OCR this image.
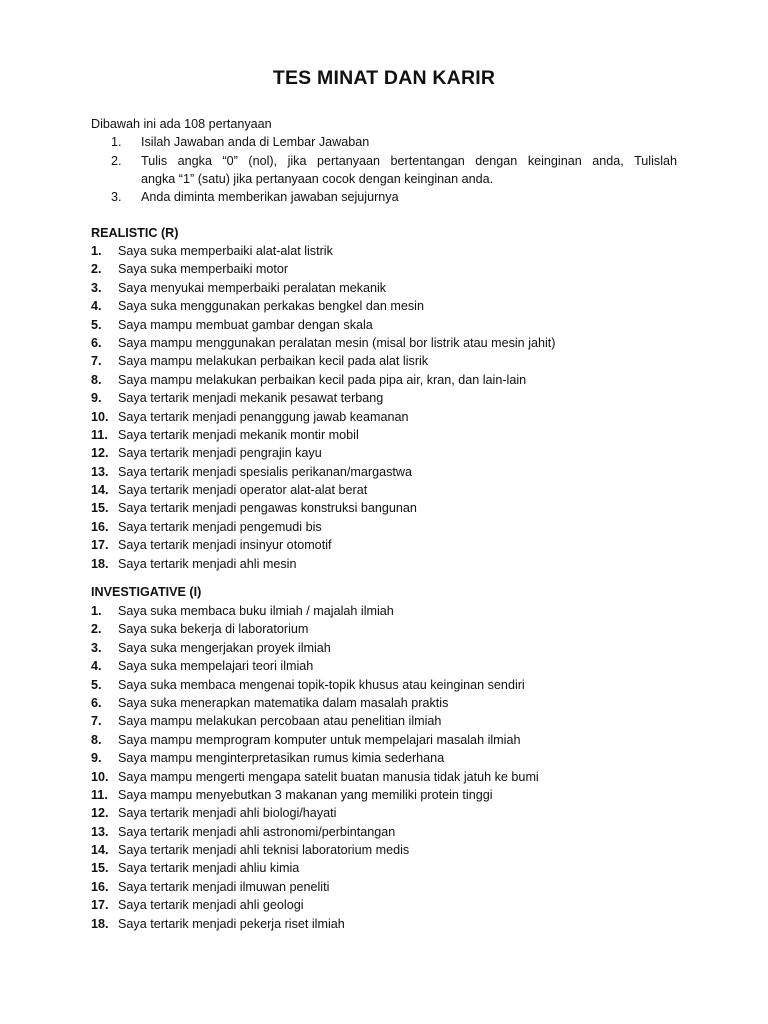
TES MINAT DAN KARIR
Dibawah ini ada 108 pertanyaan
1. Isilah Jawaban anda di Lembar Jawaban
2. Tulis angka “0” (nol), jika pertanyaan bertentangan dengan keinginan anda, Tulislah
angka “1” (satu) jika pertanyaan cocok dengan keinginan anda.
3. Anda diminta memberikan jawaban sejujurnya
REALISTIC (R)
1. Saya suka memperbaiki alat-alat listrik
2. Saya suka memperbaiki motor
3. Saya menyukai memperbaiki peralatan mekanik
4. Saya suka menggunakan perkakas bengkel dan mesin
5. Saya mampu membuat gambar dengan skala
6. Saya mampu menggunakan peralatan mesin (misal bor listrik atau mesin jahit)
7. Saya mampu melakukan perbaikan kecil pada alat lisrik
8. Saya mampu melakukan perbaikan kecil pada pipa air, kran, dan lain-lain
9. Saya tertarik menjadi mekanik pesawat terbang
10. Saya tertarik menjadi penanggung jawab keamanan
11. Saya tertarik menjadi mekanik montir mobil
12. Saya tertarik menjadi pengrajin kayu
13. Saya tertarik menjadi spesialis perikanan/margastwa
14. Saya tertarik menjadi operator alat-alat berat
15. Saya tertarik menjadi pengawas konstruksi bangunan
16. Saya tertarik menjadi pengemudi bis
17. Saya tertarik menjadi insinyur otomotif
18. Saya tertarik menjadi ahli mesin
INVESTIGATIVE (I)
1. Saya suka membaca buku ilmiah / majalah ilmiah
2. Saya suka bekerja di laboratorium
3. Saya suka mengerjakan proyek ilmiah
4. Saya suka mempelajari teori ilmiah
5. Saya suka membaca mengenai topik-topik khusus atau keinginan sendiri
6. Saya suka menerapkan matematika dalam masalah praktis
7. Saya mampu melakukan percobaan atau penelitian ilmiah
8. Saya mampu memprogram komputer untuk mempelajari masalah ilmiah
9. Saya mampu menginterpretasikan rumus kimia sederhana
10. Saya mampu mengerti mengapa satelit buatan manusia tidak jatuh ke bumi
11. Saya mampu menyebutkan 3 makanan yang memiliki protein tinggi
12. Saya tertarik menjadi ahli biologi/hayati
13. Saya tertarik menjadi ahli astronomi/perbintangan
14. Saya tertarik menjadi ahli teknisi laboratorium medis
15. Saya tertarik menjadi ahliu kimia
16. Saya tertarik menjadi ilmuwan peneliti
17. Saya tertarik menjadi ahli geologi
18. Saya tertarik menjadi pekerja riset ilmiah
